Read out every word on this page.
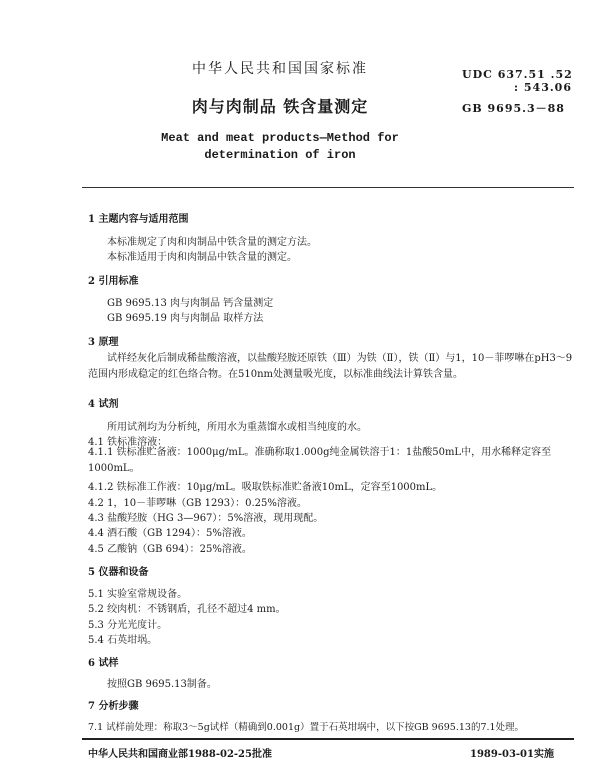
中华人民共和国国家标准	UDC 637.51 .52
: 543.06
肉与肉制品 铁含量测定	GB 9695.3－88
Meat and meat products—Method for
determination of iron
1 主题内容与适用范围
本标准规定了肉和肉制品中铁含量的测定方法。
本标准适用于肉和肉制品中铁含量的测定。
2 引用标准
GB 9695.13 肉与肉制品 钙含量测定
GB 9695.19 肉与肉制品 取样方法
3 原理
试样经灰化后制成稀盐酸溶液，以盐酸羟胺还原铁（Ⅲ）为铁（Ⅱ），铁（Ⅱ）与1，10－菲啰啉在pH3～9范围内形成稳定的红色络合物。在510nm处测量吸光度，以标准曲线法计算铁含量。
4 试剂
所用试剂均为分析纯，所用水为重蒸馏水或相当纯度的水。
4.1 铁标准溶液：
4.1.1 铁标准贮备液：1000μg/mL。准确称取1.000g纯金属铁溶于1：1盐酸50mL中，用水稀释定容至1000mL。
4.1.2 铁标准工作液：10μg/mL。吸取铁标准贮备液10mL，定容至1000mL。
4.2 1，10－菲啰啉（GB 1293）：0.25%溶液。
4.3 盐酸羟胺（HG 3—967）：5%溶液，现用现配。
4.4 酒石酸（GB 1294）：5%溶液。
4.5 乙酸钠（GB 694）：25%溶液。
5 仪器和设备
5.1 实验室常规设备。
5.2 绞肉机：不锈钢盾，孔径不超过4 mm。
5.3 分光光度计。
5.4 石英坩埚。
6 试样
按照GB 9695.13制备。
7 分析步骤
7.1 试样前处理：称取3～5g试样（精确到0.001g）置于石英坩埚中，以下按GB 9695.13的7.1处理。
中华人民共和国商业部1988-02-25批准	1989-03-01实施
